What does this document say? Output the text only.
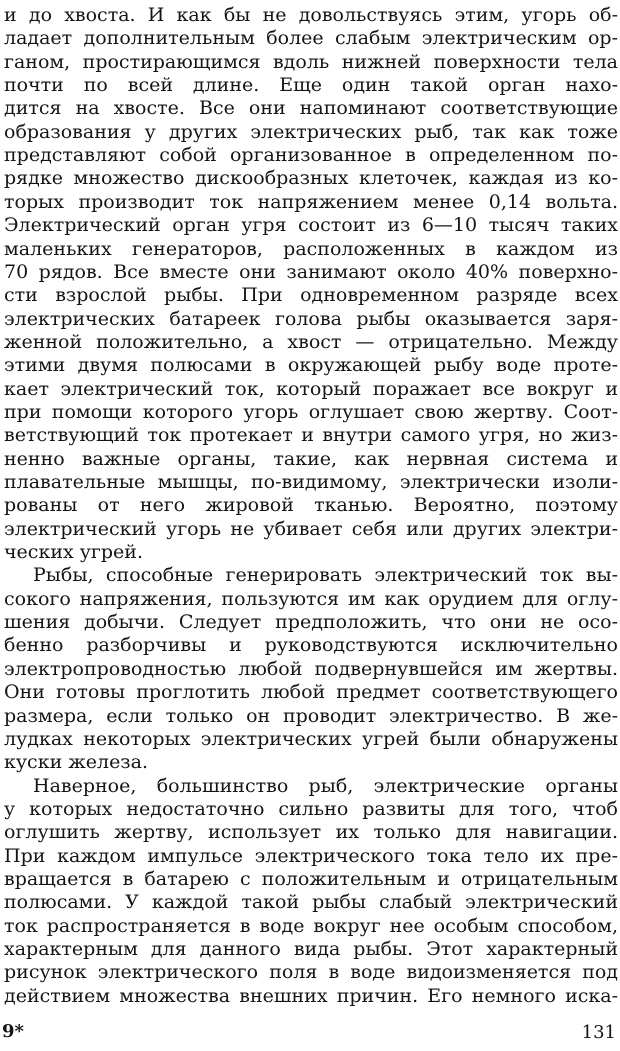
и до хвоста. И как бы не довольствуясь этим, угорь об-
ладает дополнительным более слабым электрическим ор-
ганом, простирающимся вдоль нижней поверхности тела
почти по всей длине. Еще один такой орган нахо-
дится на хвосте. Все они напоминают соответствующие
образования у других электрических рыб, так как тоже
представляют собой организованное в определенном по-
рядке множество дискообразных клеточек, каждая из ко-
торых производит ток напряжением менее 0,14 вольта.
Электрический орган угря состоит из 6—10 тысяч таких
маленьких генераторов, расположенных в каждом из
70 рядов. Все вместе они занимают около 40% поверхно-
сти взрослой рыбы. При одновременном разряде всех
электрических батареек голова рыбы оказывается заря-
женной положительно, а хвост — отрицательно. Между
этими двумя полюсами в окружающей рыбу воде проте-
кает электрический ток, который поражает все вокруг и
при помощи которого угорь оглушает свою жертву. Соот-
ветствующий ток протекает и внутри самого угря, но жиз-
ненно важные органы, такие, как нервная система и
плавательные мышцы, по-видимому, электрически изоли-
рованы от него жировой тканью. Вероятно, поэтому
электрический угорь не убивает себя или других электри-
ческих угрей.
Рыбы, способные генерировать электрический ток вы-
сокого напряжения, пользуются им как орудием для оглу-
шения добычи. Следует предположить, что они не осо-
бенно разборчивы и руководствуются исключительно
электропроводностью любой подвернувшейся им жертвы.
Они готовы проглотить любой предмет соответствующего
размера, если только он проводит электричество. В же-
лудках некоторых электрических угрей были обнаружены
куски железа.
Наверное, большинство рыб, электрические органы
у которых недостаточно сильно развиты для того, чтоб
оглушить жертву, использует их только для навигации.
При каждом импульсе электрического тока тело их пре-
вращается в батарею с положительным и отрицательным
полюсами. У каждой такой рыбы слабый электрический
ток распространяется в воде вокруг нее особым способом,
характерным для данного вида рыбы. Этот характерный
рисунок электрического поля в воде видоизменяется под
действием множества внешних причин. Его немного иска-
9*	131
